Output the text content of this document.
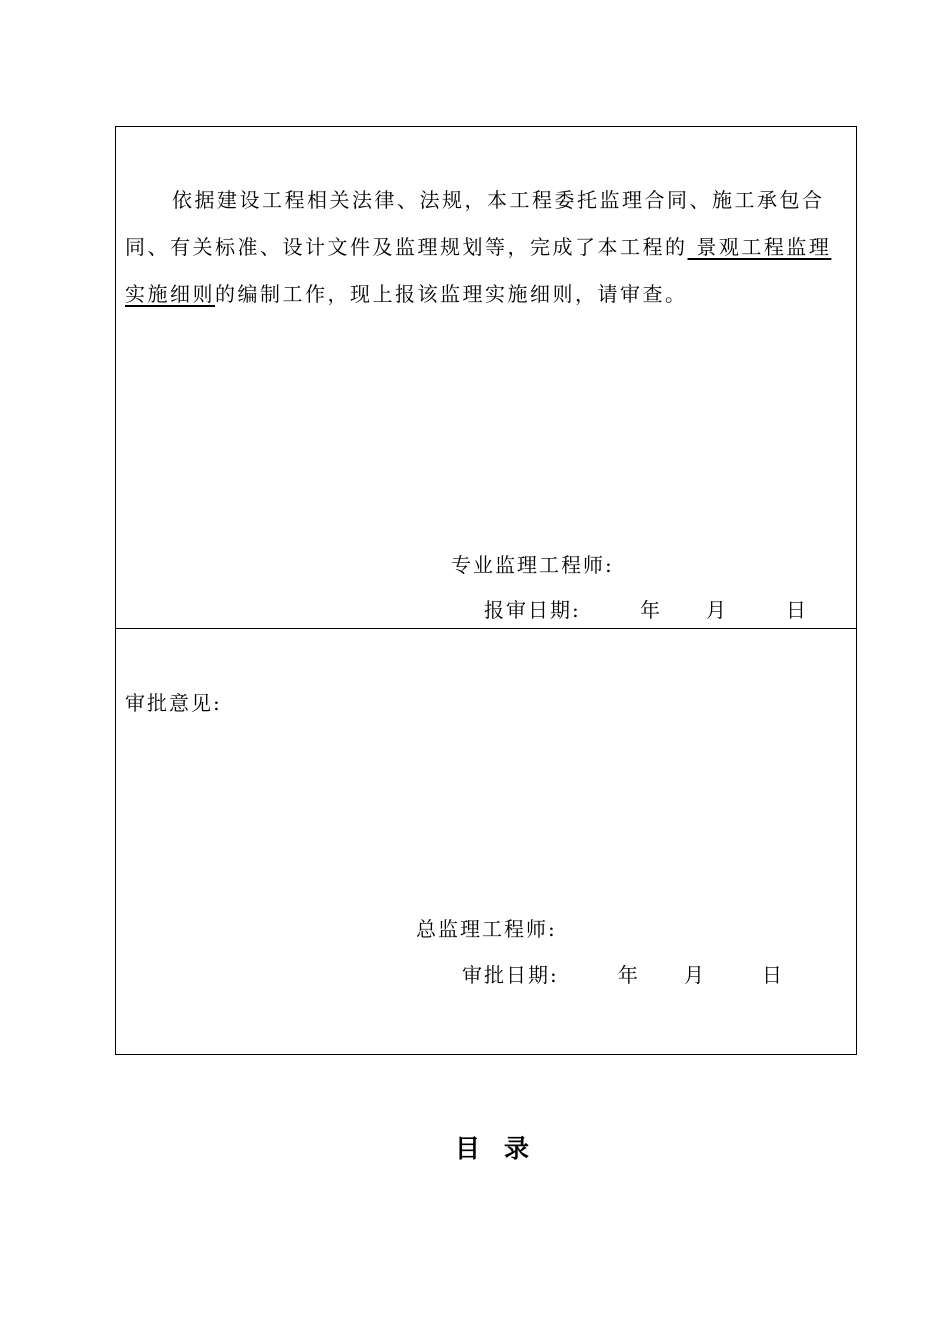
依据建设工程相关法律、法规，本工程委托监理合同、施工承包合同、有关标准、设计文件及监理规划等，完成了本工程的 景观工程监理实施细则的编制工作，现上报该监理实施细则，请审查。

专业监理工程师:
报审日期:	年 月	日
审批意见:
总监理工程师:
审批日期:	年 月	日
目录
